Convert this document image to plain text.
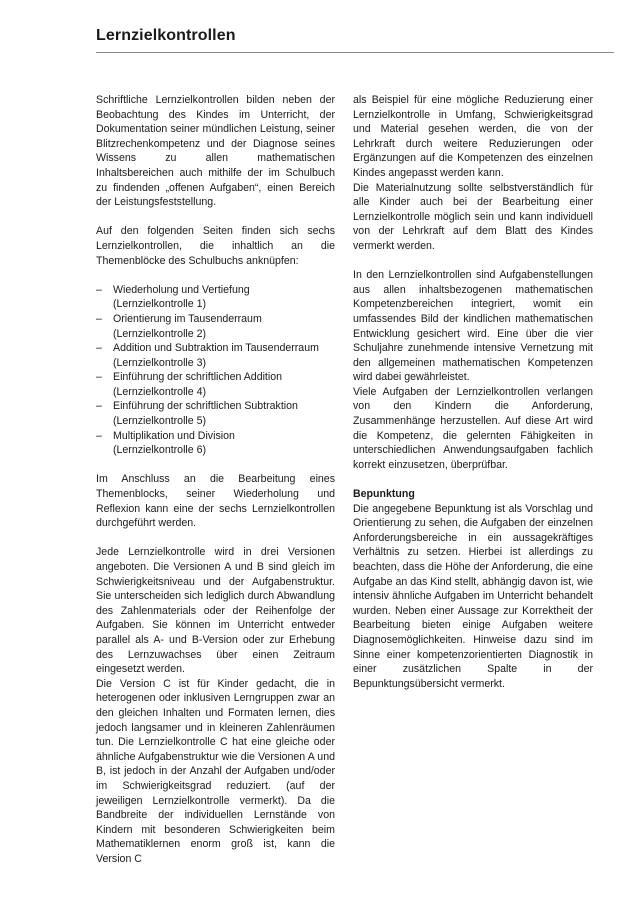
Lernzielkontrollen

Schriftliche Lernzielkontrollen bilden neben der Beobachtung des Kindes im Unterricht, der Dokumentation seiner mündlichen Leistung, seiner Blitzrechenkompetenz und der Diagnose seines Wissens zu allen mathematischen Inhaltsbereichen auch mithilfe der im Schulbuch zu findenden „offenen Aufgaben“, einen Bereich der Leistungsfeststellung.

Auf den folgenden Seiten finden sich sechs Lernzielkontrollen, die inhaltlich an die Themenblöcke des Schulbuchs anknüpfen:

– Wiederholung und Vertiefung
(Lernzielkontrolle 1)
– Orientierung im Tausenderraum
(Lernzielkontrolle 2)
– Addition und Subtraktion im Tausenderraum
(Lernzielkontrolle 3)
– Einführung der schriftlichen Addition
(Lernzielkontrolle 4)
– Einführung der schriftlichen Subtraktion
(Lernzielkontrolle 5)
– Multiplikation und Division
(Lernzielkontrolle 6)

Im Anschluss an die Bearbeitung eines Themenblocks, seiner Wiederholung und Reflexion kann eine der sechs Lernzielkontrollen durchgeführt werden.

Jede Lernzielkontrolle wird in drei Versionen angeboten. Die Versionen A und B sind gleich im Schwierigkeitsniveau und der Aufgabenstruktur. Sie unterscheiden sich lediglich durch Abwandlung des Zahlenmaterials oder der Reihenfolge der Aufgaben. Sie können im Unterricht entweder parallel als A- und B-Version oder zur Erhebung des Lernzuwachses über einen Zeitraum eingesetzt werden.

Die Version C ist für Kinder gedacht, die in heterogenen oder inklusiven Lerngruppen zwar an den gleichen Inhalten und Formaten lernen, dies jedoch langsamer und in kleineren Zahlenräumen tun. Die Lernzielkontrolle C hat eine gleiche oder ähnliche Aufgabenstruktur wie die Versionen A und B, ist jedoch in der Anzahl der Aufgaben und/oder im Schwierigkeitsgrad reduziert. (auf der jeweiligen Lernzielkontrolle vermerkt). Da die Bandbreite der individuellen Lernstände von Kindern mit besonderen Schwierigkeiten beim Mathematiklernen enorm groß ist, kann die Version C

als Beispiel für eine mögliche Reduzierung einer Lernzielkontrolle in Umfang, Schwierigkeitsgrad und Material gesehen werden, die von der Lehrkraft durch weitere Reduzierungen oder Ergänzungen auf die Kompetenzen des einzelnen Kindes angepasst werden kann.

Die Materialnutzung sollte selbstverständlich für alle Kinder auch bei der Bearbeitung einer Lernzielkontrolle möglich sein und kann individuell von der Lehrkraft auf dem Blatt des Kindes vermerkt werden.

In den Lernzielkontrollen sind Aufgabenstellungen aus allen inhaltsbezogenen mathematischen Kompetenzbereichen integriert, womit ein umfassendes Bild der kindlichen mathematischen Entwicklung gesichert wird. Eine über die vier Schuljahre zunehmende intensive Vernetzung mit den allgemeinen mathematischen Kompetenzen wird dabei gewährleistet.

Viele Aufgaben der Lernzielkontrollen verlangen von den Kindern die Anforderung, Zusammenhänge herzustellen. Auf diese Art wird die Kompetenz, die gelernten Fähigkeiten in unterschiedlichen Anwendungsaufgaben fachlich korrekt einzusetzen, überprüfbar.

Bepunktung

Die angegebene Bepunktung ist als Vorschlag und Orientierung zu sehen, die Aufgaben der einzelnen Anforderungsbereiche in ein aussagekräftiges Verhältnis zu setzen. Hierbei ist allerdings zu beachten, dass die Höhe der Anforderung, die eine Aufgabe an das Kind stellt, abhängig davon ist, wie intensiv ähnliche Aufgaben im Unterricht behandelt wurden. Neben einer Aussage zur Korrektheit der Bearbeitung bieten einige Aufgaben weitere Diagnosemöglichkeiten. Hinweise dazu sind im Sinne einer kompetenzorientierten Diagnostik in einer zusätzlichen Spalte in der Bepunktungsübersicht vermerkt.
